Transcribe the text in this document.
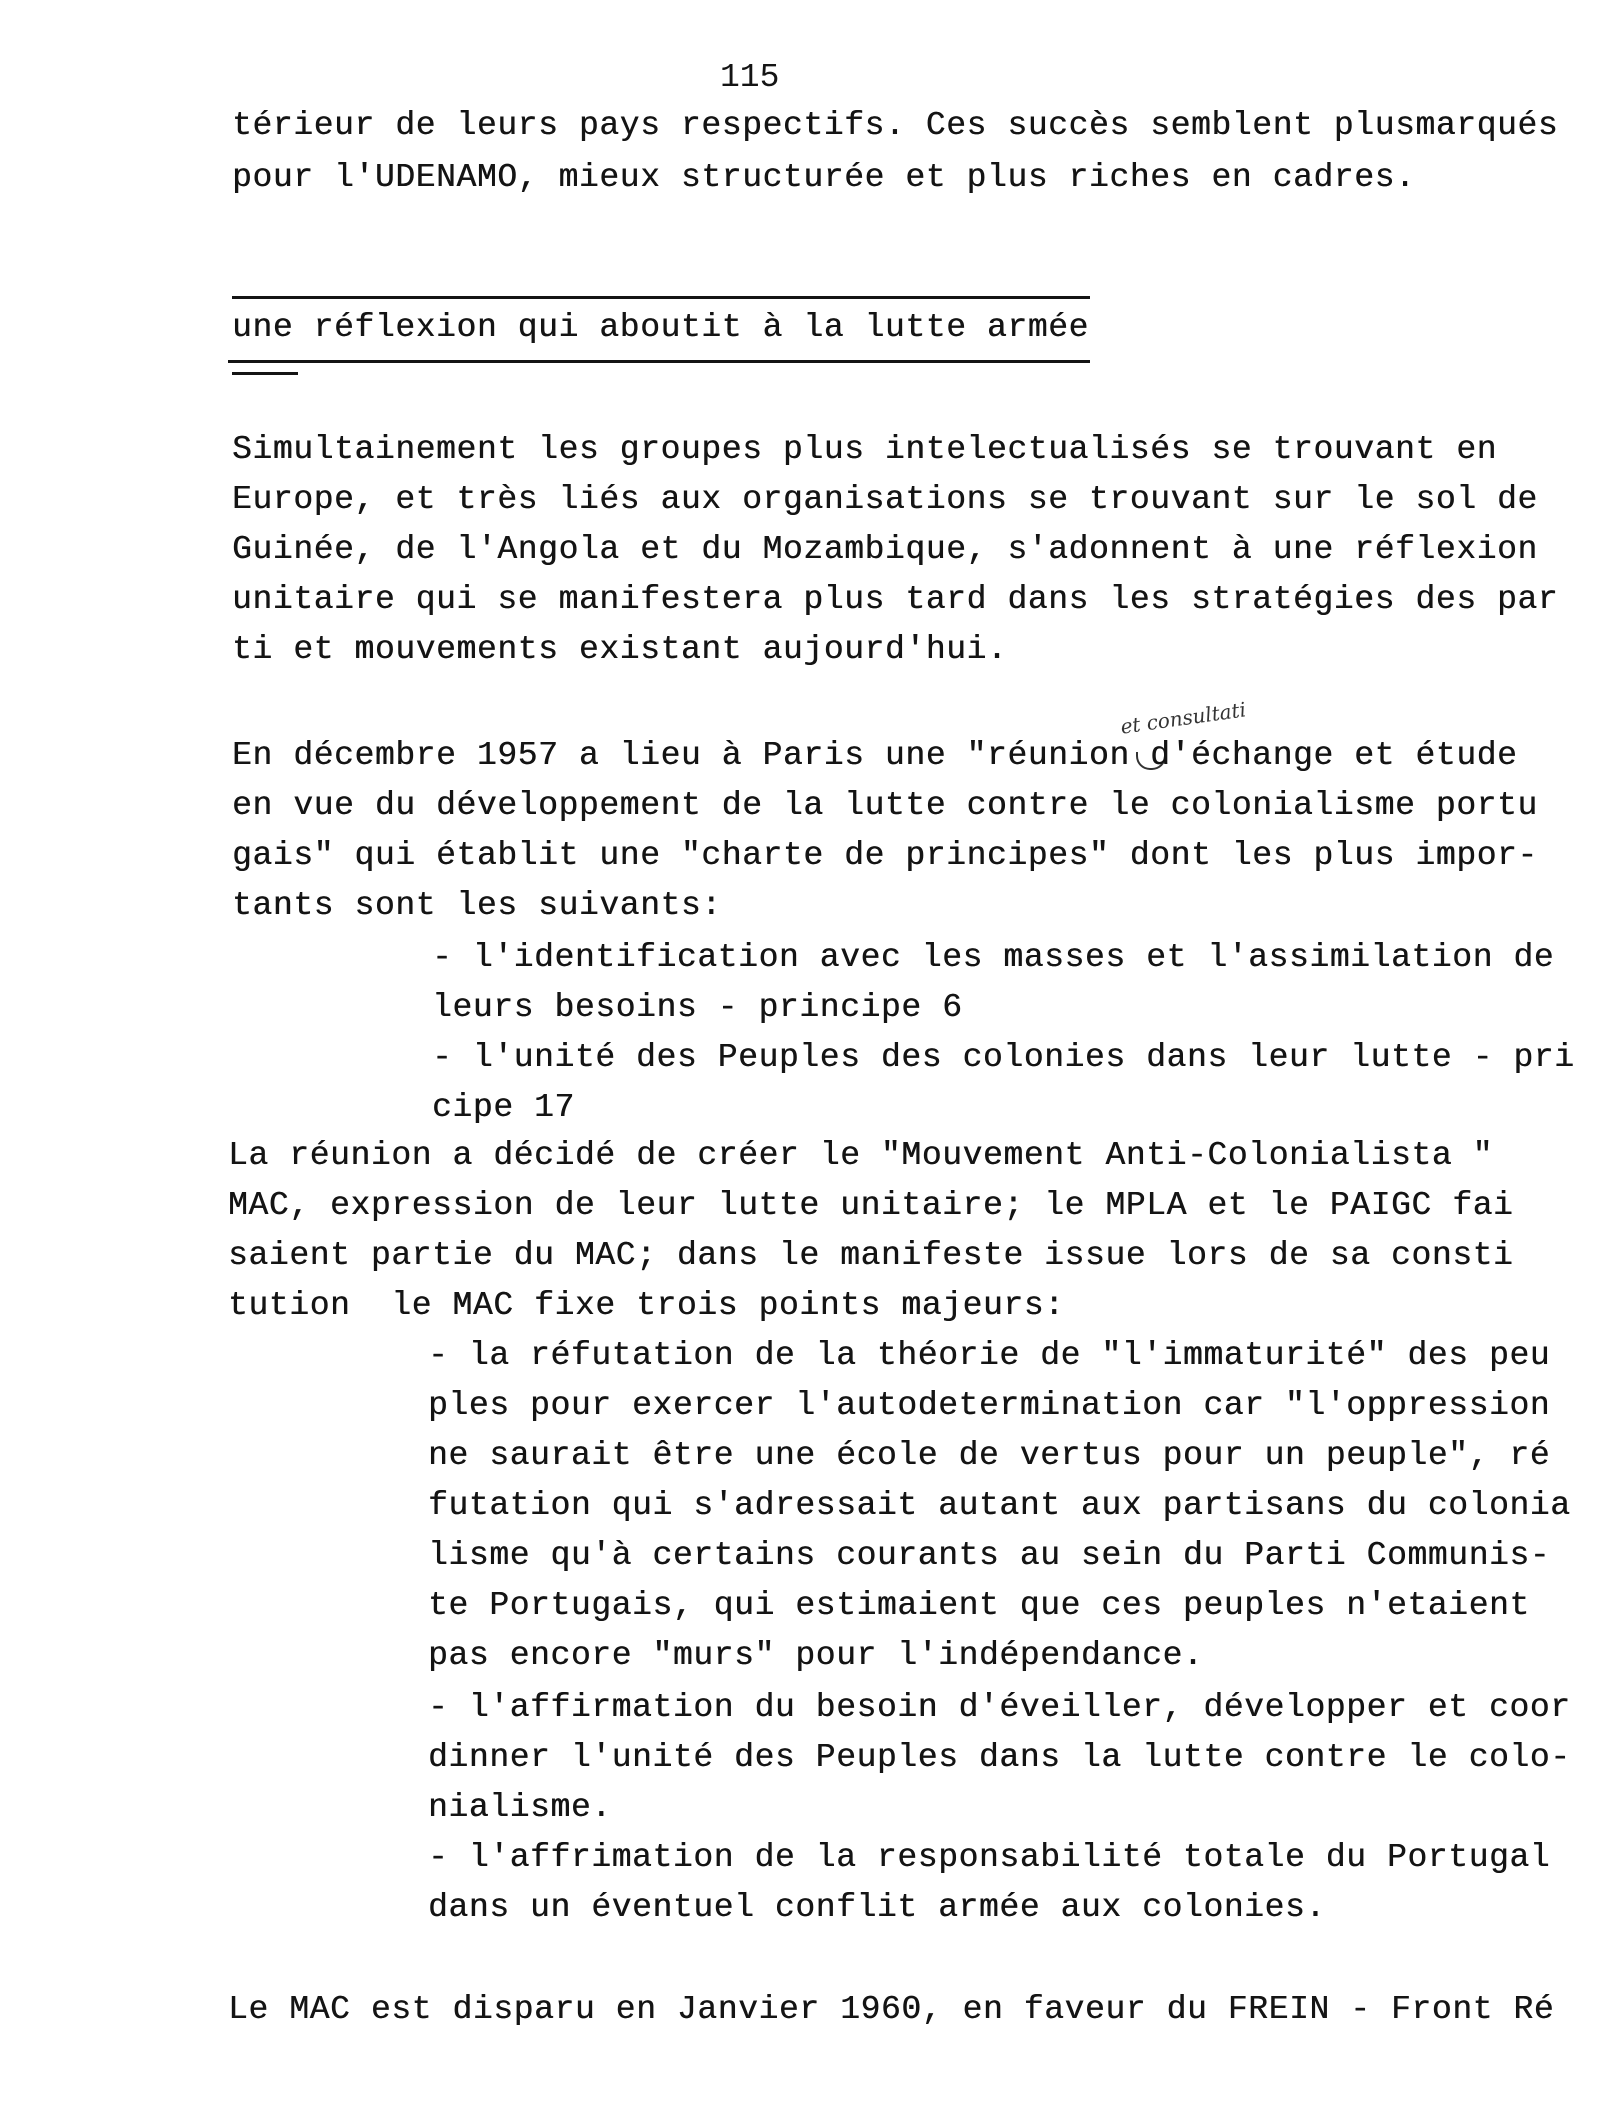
115
térieur de leurs pays respectifs. Ces succès semblent plusmarqués
pour l'UDENAMO, mieux structurée et plus riches en cadres.
une réflexion qui aboutit à la lutte armée
Simultainement les groupes plus intelectualisés se trouvant en
Europe, et très liés aux organisations se trouvant sur le sol de
Guinée, de l'Angola et du Mozambique, s'adonnent à une réflexion
unitaire qui se manifestera plus tard dans les stratégies des par
ti et mouvements existant aujourd'hui.
et consultati
En décembre 1957 a lieu à Paris une "réunion d'échange et étude
en vue du développement de la lutte contre le colonialisme portu
gais" qui établit une "charte de principes" dont les plus impor-
tants sont les suivants:
- l'identification avec les masses et l'assimilation de
leurs besoins - principe 6
- l'unité des Peuples des colonies dans leur lutte - pri
cipe 17
La réunion a décidé de créer le "Mouvement Anti-Colonialista "
MAC, expression de leur lutte unitaire; le MPLA et le PAIGC fai
saient partie du MAC; dans le manifeste issue lors de sa consti
tution  le MAC fixe trois points majeurs:
- la réfutation de la théorie de "l'immaturité" des peu
ples pour exercer l'autodetermination car "l'oppression
ne saurait être une école de vertus pour un peuple", ré
futation qui s'adressait autant aux partisans du colonia
lisme qu'à certains courants au sein du Parti Communis-
te Portugais, qui estimaient que ces peuples n'etaient
pas encore "murs" pour l'indépendance.
- l'affirmation du besoin d'éveiller, développer et coor
dinner l'unité des Peuples dans la lutte contre le colo-
nialisme.
- l'affrimation de la responsabilité totale du Portugal
dans un éventuel conflit armée aux colonies.
Le MAC est disparu en Janvier 1960, en faveur du FREIN - Front Ré
